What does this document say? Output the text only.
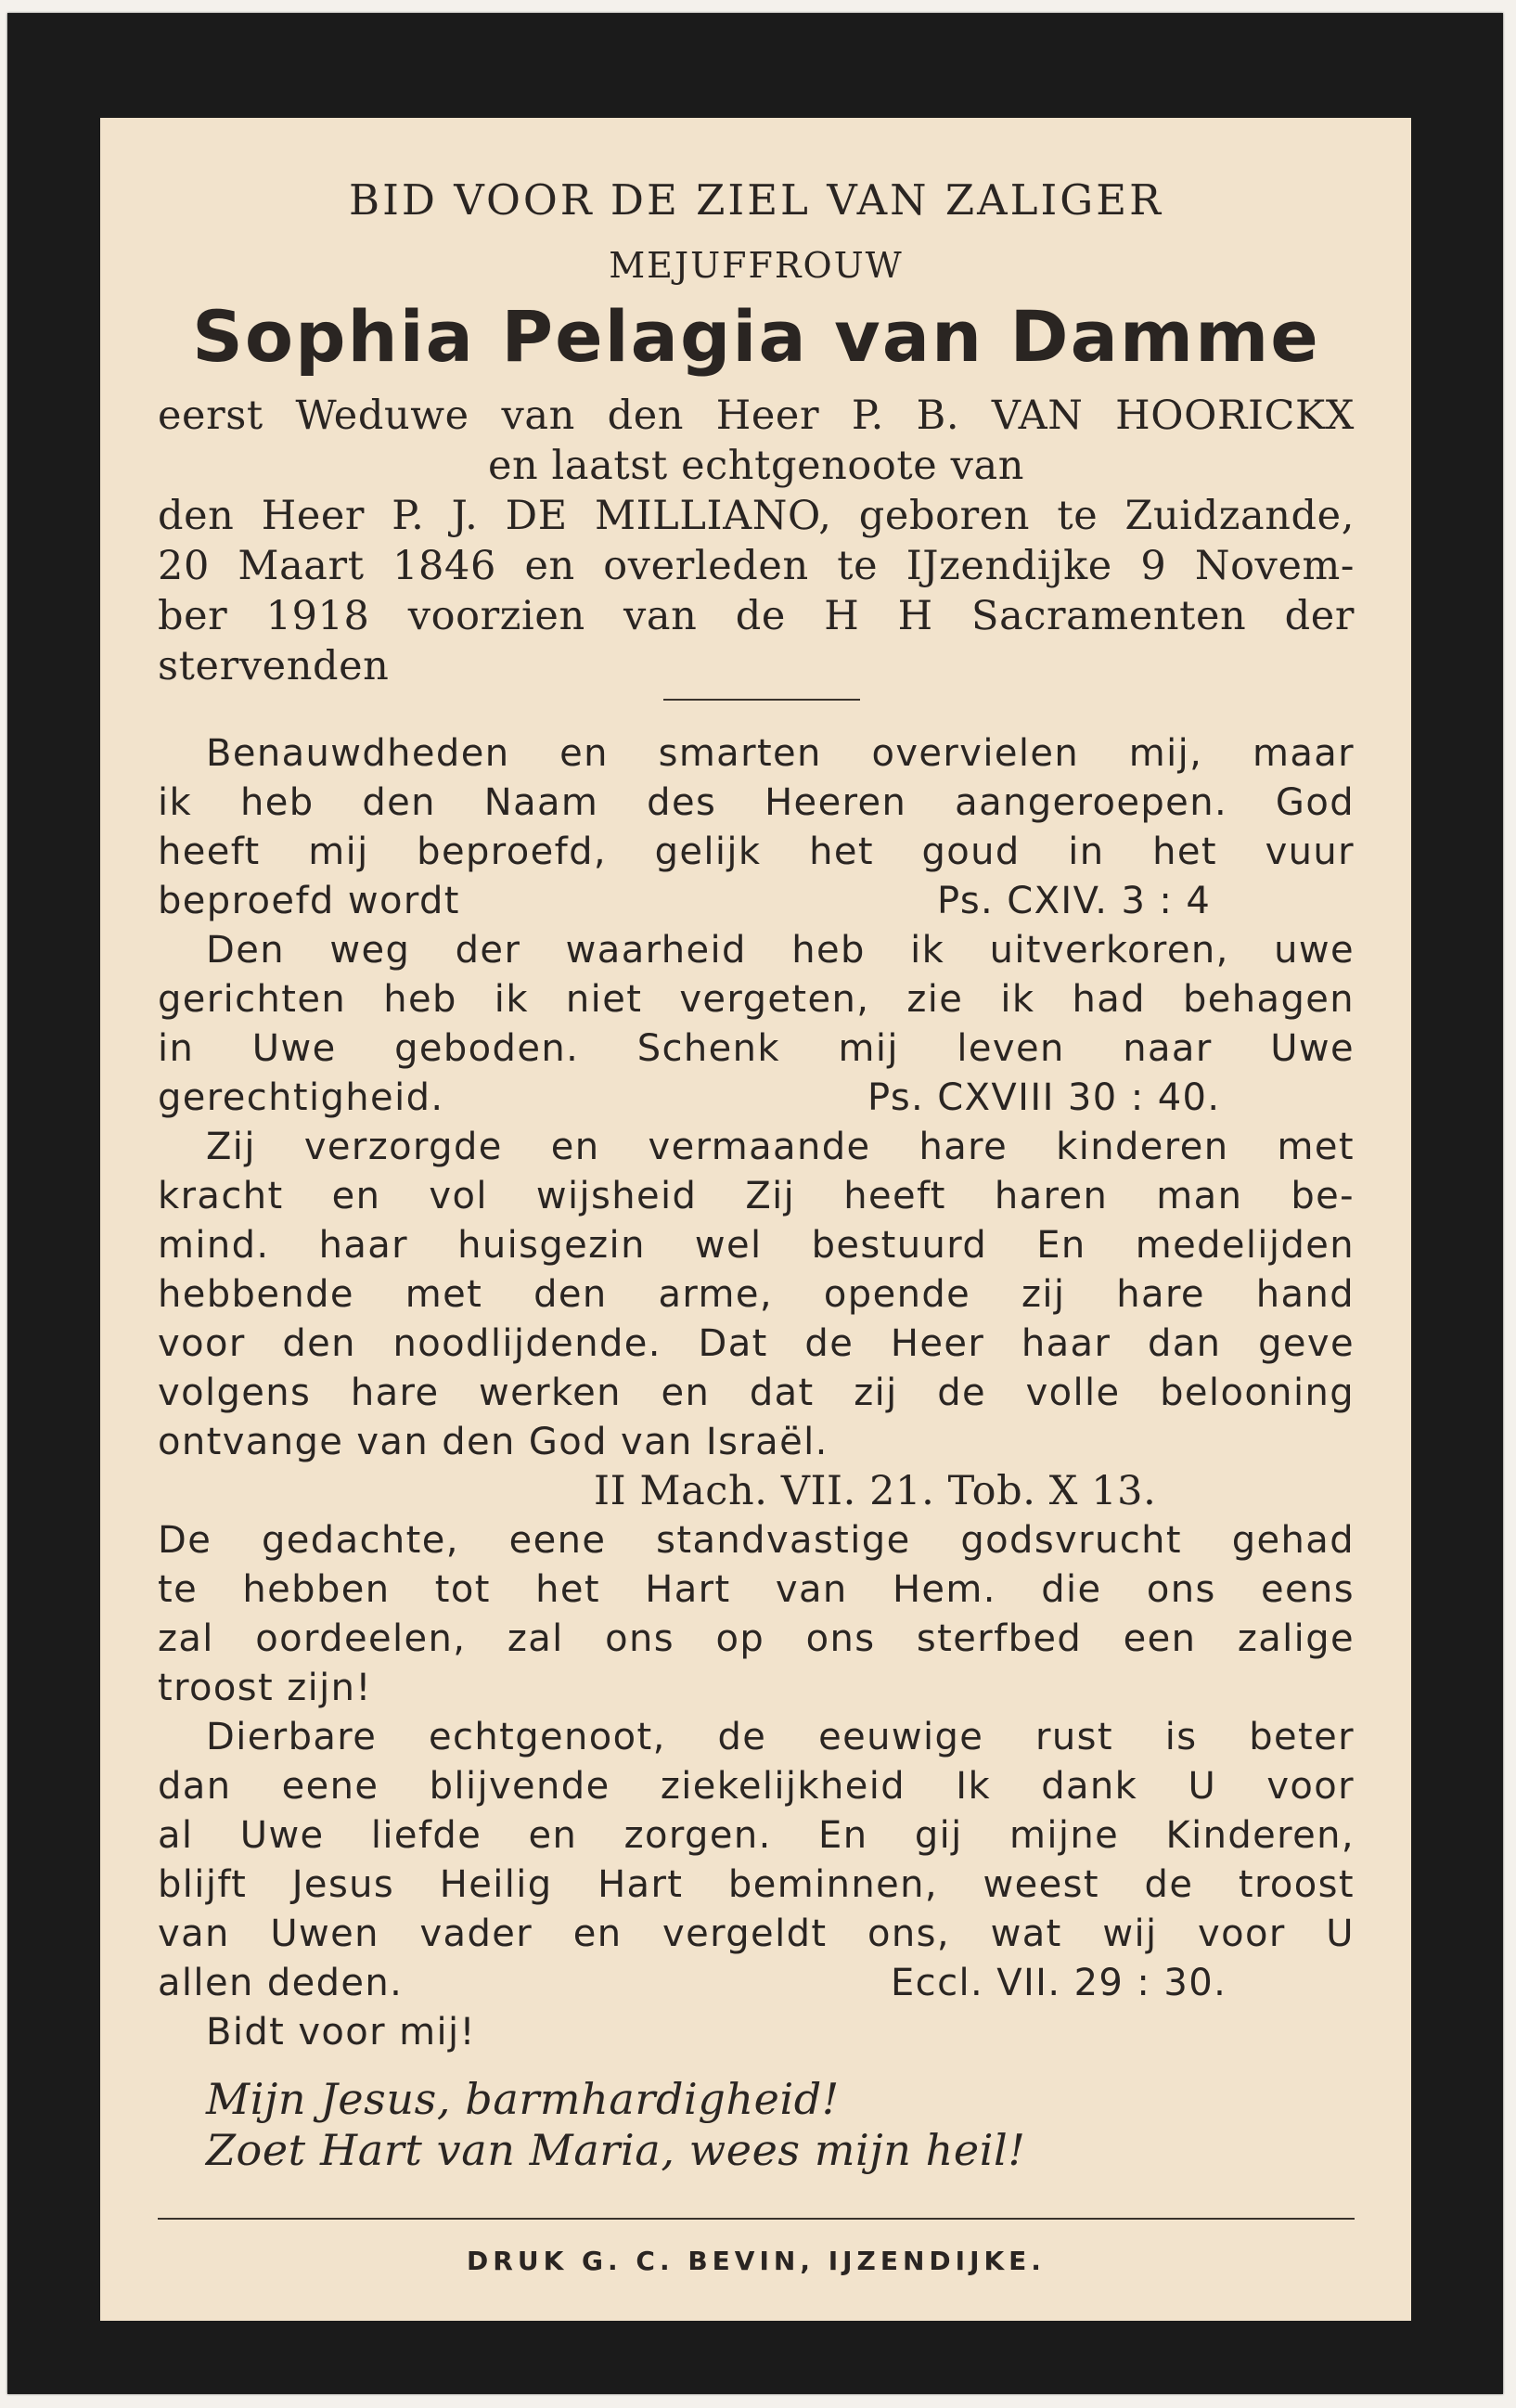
BID VOOR DE ZIEL VAN ZALIGER
MEJUFFROUW
Sophia Pelagia van Damme
eerst Weduwe van den Heer P. B. VAN HOORICKX
en laatst echtgenoote van
den Heer P. J. DE MILLIANO, geboren te Zuidzande,
20 Maart 1846 en overleden te IJzendijke 9 Novem-
ber 1918 voorzien van de H H Sacramenten der
stervenden
Benauwdheden en smarten overvielen mij, maar
ik heb den Naam des Heeren aangeroepen. God
heeft mij beproefd, gelijk het goud in het vuur
beproefd wordt	Ps. CXIV. 3 : 4
Den weg der waarheid heb ik uitverkoren, uwe
gerichten heb ik niet vergeten, zie ik had behagen
in Uwe geboden. Schenk mij leven naar Uwe
gerechtigheid.	Ps. CXVIII 30 : 40.
Zij verzorgde en vermaande hare kinderen met
kracht en vol wijsheid Zij heeft haren man be-
mind. haar huisgezin wel bestuurd En medelijden
hebbende met den arme, opende zij hare hand
voor den noodlijdende. Dat de Heer haar dan geve
volgens hare werken en dat zij de volle belooning
ontvange van den God van Israël.
II Mach. VII. 21. Tob. X 13.
De gedachte, eene standvastige godsvrucht gehad
te hebben tot het Hart van Hem. die ons eens
zal oordeelen, zal ons op ons sterfbed een zalige
troost zijn!
Dierbare echtgenoot, de eeuwige rust is beter
dan eene blijvende ziekelijkheid Ik dank U voor
al Uwe liefde en zorgen. En gij mijne Kinderen,
blijft Jesus Heilig Hart beminnen, weest de troost
van Uwen vader en vergeldt ons, wat wij voor U
allen deden.	Eccl. VII. 29 : 30.
Bidt voor mij!
Mijn Jesus, barmhardigheid!
Zoet Hart van Maria, wees mijn heil!
DRUK G. C. BEVIN, IJZENDIJKE.
